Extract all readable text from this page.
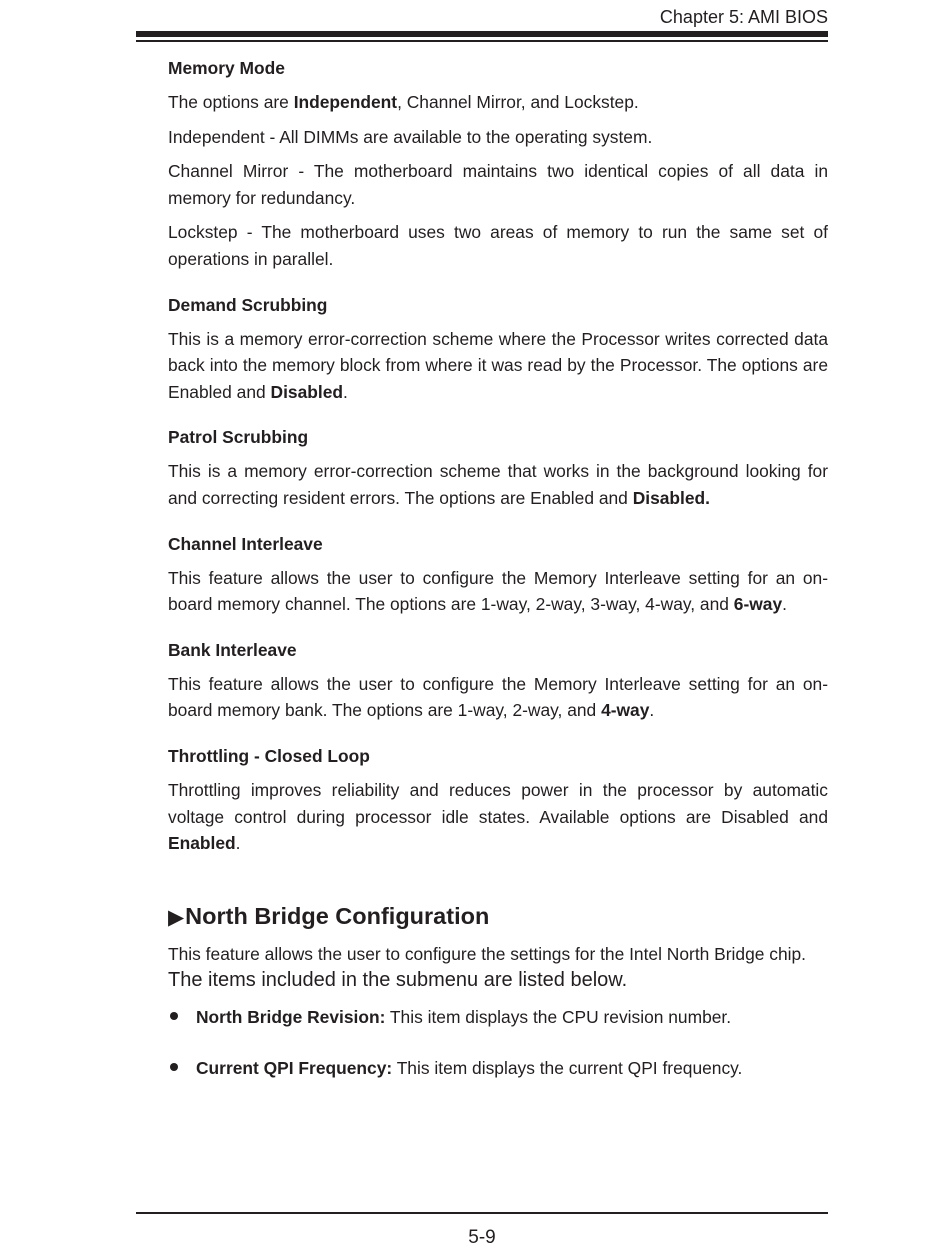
Chapter 5: AMI BIOS

Memory Mode

The options are Independent, Channel Mirror, and Lockstep.

Independent - All DIMMs are available to the operating system.

Channel Mirror - The motherboard maintains two identical copies of all data in memory for redundancy.

Lockstep - The motherboard uses two areas of memory to run the same set of operations in parallel.

Demand Scrubbing

This is a memory error-correction scheme where the Processor writes corrected data back into the memory block from where it was read by the Processor. The options are Enabled and Disabled.

Patrol Scrubbing

This is a memory error-correction scheme that works in the background looking for and correcting resident errors. The options are Enabled and Disabled.

Channel Interleave

This feature allows the user to configure the Memory Interleave setting for an on-board memory channel. The options are 1-way, 2-way, 3-way, 4-way, and 6-way.

Bank Interleave

This feature allows the user to configure the Memory Interleave setting for an on-board memory bank. The options are 1-way, 2-way, and 4-way.

Throttling - Closed Loop

Throttling improves reliability and reduces power in the processor by automatic voltage control during processor idle states. Available options are Disabled and Enabled.

▶North Bridge Configuration
This feature allows the user to configure the settings for the Intel North Bridge chip.
The items included in the submenu are listed below.
North Bridge Revision: This item displays the CPU revision number.
Current QPI Frequency: This item displays the current QPI frequency.
5-9
